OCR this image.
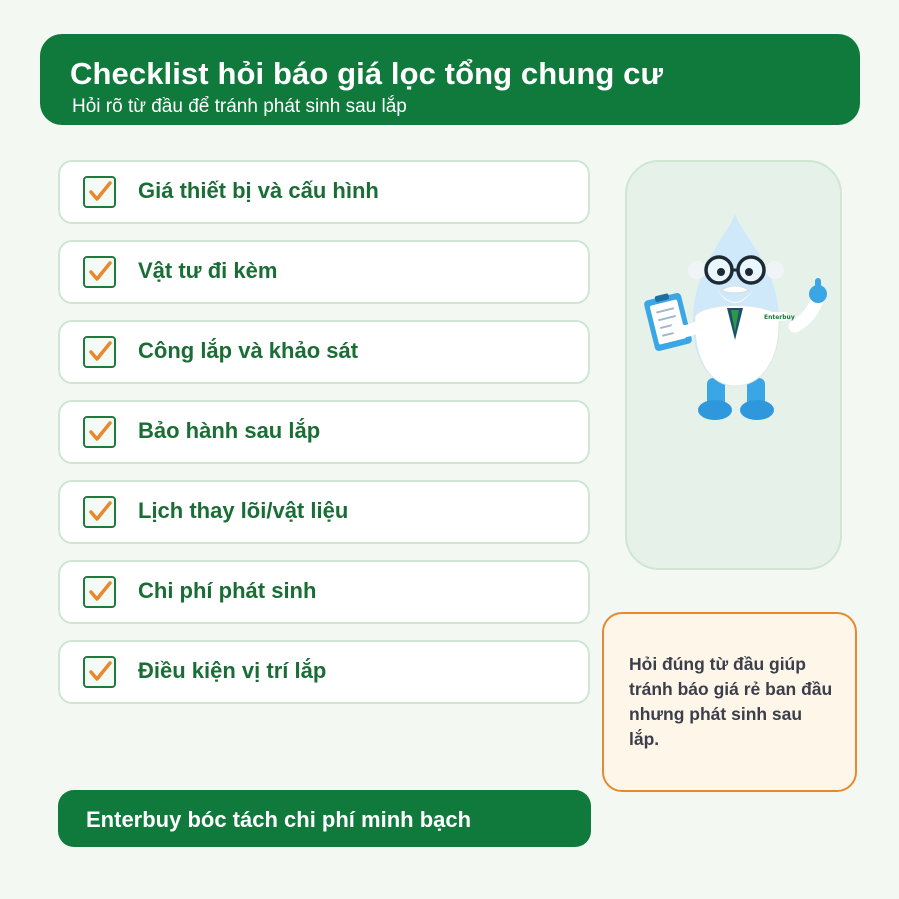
Checklist hỏi báo giá lọc tổng chung cư
Hỏi rõ từ đầu để tránh phát sinh sau lắp
Giá thiết bị và cấu hình
Vật tư đi kèm
Công lắp và khảo sát
Bảo hành sau lắp
Lịch thay lõi/vật liệu
Chi phí phát sinh
Điều kiện vị trí lắp
Enterbuy
Hỏi đúng từ đầu giúp tránh báo giá rẻ ban đầu nhưng phát sinh sau lắp.
Enterbuy bóc tách chi phí minh bạch
